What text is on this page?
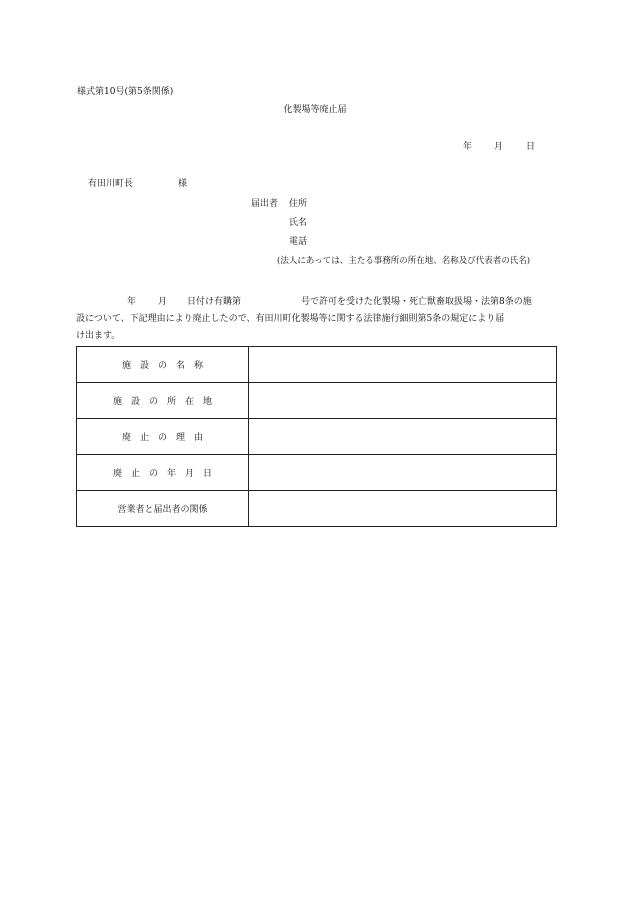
様式第10号(第5条関係)
化製場等廃止届
年 月	日
有田川町長	様
届出者 住所
氏名
電話
(法人にあっては、主たる事務所の所在地、名称及び代表者の氏名)
年 月 日付け有購第	号で許可を受けた化製場・死亡獣畜取扱場・法第8条の施
設について、下記理由により廃止したので、有田川町化製場等に関する法律施行細則第5条の規定により届
け出ます。
施　設　の　名　称	
施　設　の　所　在　地	
廃　止　の　理　由	
廃　止　の　年　月　日	
営業者と届出者の関係	
